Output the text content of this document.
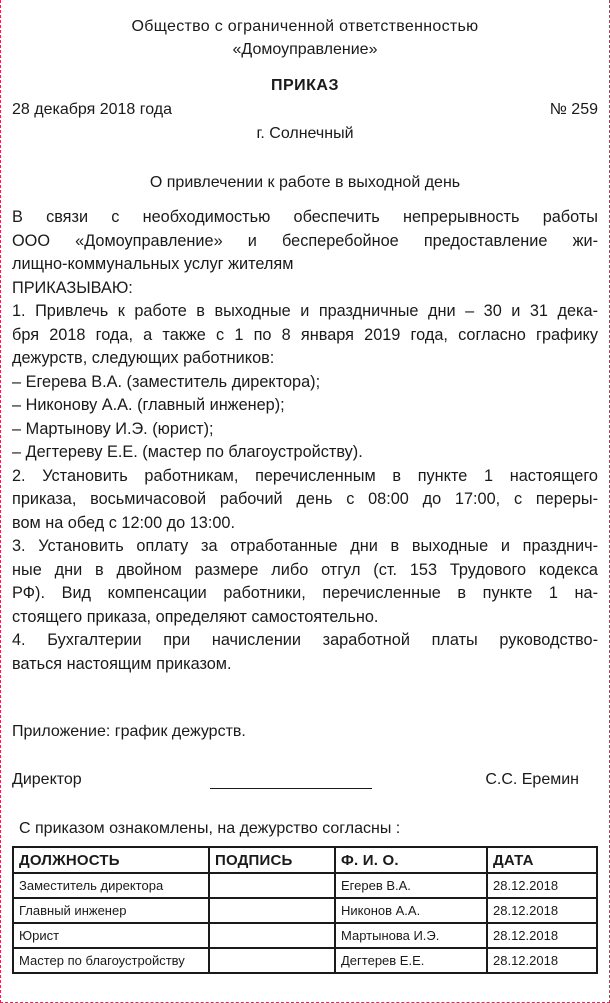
Общество с ограниченной ответственностью
«Домоуправление»
ПРИКАЗ
28 декабря 2018 года	№ 259
г. Солнечный
О привлечении к работе в выходной день
В связи с необходимостью обеспечить непрерывность работы
ООО «Домоуправление» и бесперебойное предоставление жи-
лищно-коммунальных услуг жителям
ПРИКАЗЫВАЮ:
1. Привлечь к работе в выходные и праздничные дни – 30 и 31 дека-
бря 2018 года, а также с 1 по 8 января 2019 года, согласно графику
дежурств, следующих работников:
– Егерева В.А. (заместитель директора);
– Никонову А.А. (главный инженер);
– Мартынову И.Э. (юрист);
– Дегтереву Е.Е. (мастер по благоустройству).
2. Установить работникам, перечисленным в пункте 1 настоящего
приказа, восьмичасовой рабочий день с 08:00 до 17:00, с переры-
вом на обед с 12:00 до 13:00.
3. Установить оплату за отработанные дни в выходные и празднич-
ные дни в двойном размере либо отгул (ст. 153 Трудового кодекса
РФ). Вид компенсации работники, перечисленные в пункте 1 на-
стоящего приказа, определяют самостоятельно.
4. Бухгалтерии при начислении заработной платы руководство-
ваться настоящим приказом.
Приложение: график дежурств.
Директор	С.С. Еремин
С приказом ознакомлены, на дежурство согласны :
ДОЛЖНОСТЬ	ПОДПИСЬ	Ф. И. О.	ДАТА
Заместитель директора		Егерев В.А.	28.12.2018
Главный инженер		Никонов А.А.	28.12.2018
Юрист		Мартынова И.Э.	28.12.2018
Мастер по благоустройству		Дегтерев Е.Е.	28.12.2018
